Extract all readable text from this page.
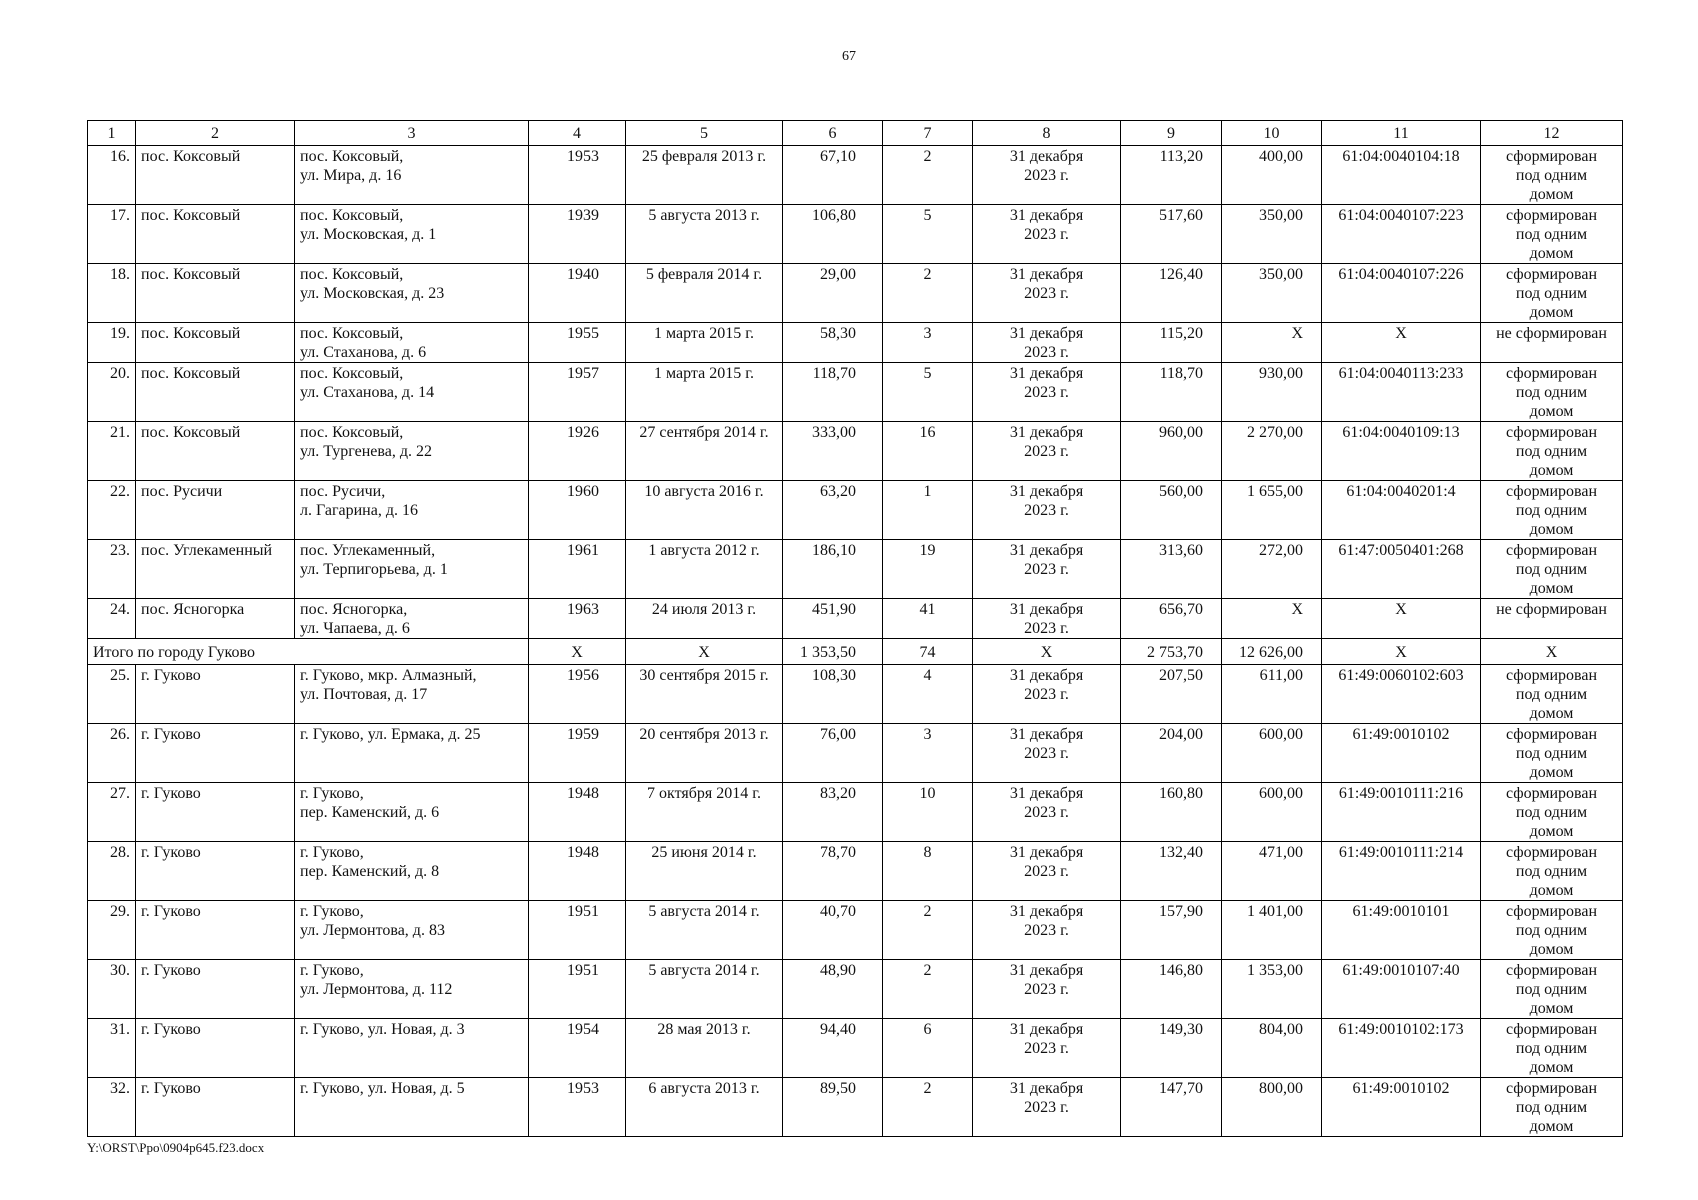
67
1	2	3	4	5	6	7	8	9	10	11	12
16.	пос. Коксовый	пос. Коксовый,
ул. Мира, д. 16	1953	25 февраля 2013 г.	67,10	2	31 декабря
2023 г.	113,20	400,00	61:04:0040104:18	сформирован
под одним
домом

17.	пос. Коксовый	пос. Коксовый,
ул. Московская, д. 1	1939	5 августа 2013 г.	106,80	5	31 декабря
2023 г.	517,60	350,00	61:04:0040107:223	сформирован
под одним
домом

18.	пос. Коксовый	пос. Коксовый,
ул. Московская, д. 23	1940	5 февраля 2014 г.	29,00	2	31 декабря
2023 г.	126,40	350,00	61:04:0040107:226	сформирован
под одним
домом

19.	пос. Коксовый	пос. Коксовый,
ул. Стаханова, д. 6	1955	1 марта 2015 г.	58,30	3	31 декабря
2023 г.	115,20	X	X	не сформирован

20.	пос. Коксовый	пос. Коксовый,
ул. Стаханова, д. 14	1957	1 марта 2015 г.	118,70	5	31 декабря
2023 г.	118,70	930,00	61:04:0040113:233	сформирован
под одним
домом

21.	пос. Коксовый	пос. Коксовый,
ул. Тургенева, д. 22	1926	27 сентября 2014 г.	333,00	16	31 декабря
2023 г.	960,00	2 270,00	61:04:0040109:13	сформирован
под одним
домом

22.	пос. Русичи	пос. Русичи,
л. Гагарина, д. 16	1960	10 августа 2016 г.	63,20	1	31 декабря
2023 г.	560,00	1 655,00	61:04:0040201:4	сформирован
под одним
домом

23.	пос. Углекаменный	пос. Углекаменный,
ул. Терпигорьева, д. 1	1961	1 августа 2012 г.	186,10	19	31 декабря
2023 г.	313,60	272,00	61:47:0050401:268	сформирован
под одним
домом

24.	пос. Ясногорка	пос. Ясногорка,
ул. Чапаева, д. 6	1963	24 июля 2013 г.	451,90	41	31 декабря
2023 г.	656,70	X	X	не сформирован

Итого по городу Гуково			X	X	1 353,50	74	X	2 753,70	12 626,00	X	X
25.	г. Гуково	г. Гуково, мкр. Алмазный,
ул. Почтовая, д. 17	1956	30 сентября 2015 г.	108,30	4	31 декабря
2023 г.	207,50	611,00	61:49:0060102:603	сформирован
под одним
домом

26.	г. Гуково	г. Гуково, ул. Ермака, д. 25	1959	20 сентября 2013 г.	76,00	3	31 декабря
2023 г.	204,00	600,00	61:49:0010102	сформирован
под одним
домом

27.	г. Гуково	г. Гуково,
пер. Каменский, д. 6	1948	7 октября 2014 г.	83,20	10	31 декабря
2023 г.	160,80	600,00	61:49:0010111:216	сформирован
под одним
домом

28.	г. Гуково	г. Гуково,
пер. Каменский, д. 8	1948	25 июня 2014 г.	78,70	8	31 декабря
2023 г.	132,40	471,00	61:49:0010111:214	сформирован
под одним
домом

29.	г. Гуково	г. Гуково,
ул. Лермонтова, д. 83	1951	5 августа 2014 г.	40,70	2	31 декабря
2023 г.	157,90	1 401,00	61:49:0010101	сформирован
под одним
домом

30.	г. Гуково	г. Гуково,
ул. Лермонтова, д. 112	1951	5 августа 2014 г.	48,90	2	31 декабря
2023 г.	146,80	1 353,00	61:49:0010107:40	сформирован
под одним
домом

31.	г. Гуково	г. Гуково, ул. Новая, д. 3	1954	28 мая 2013 г.	94,40	6	31 декабря
2023 г.	149,30	804,00	61:49:0010102:173	сформирован
под одним
домом

32.	г. Гуково	г. Гуково, ул. Новая, д. 5	1953	6 августа 2013 г.	89,50	2	31 декабря
2023 г.	147,70	800,00	61:49:0010102	сформирован
под одним
домом
Y:\ORST\Ppo\0904p645.f23.docx
